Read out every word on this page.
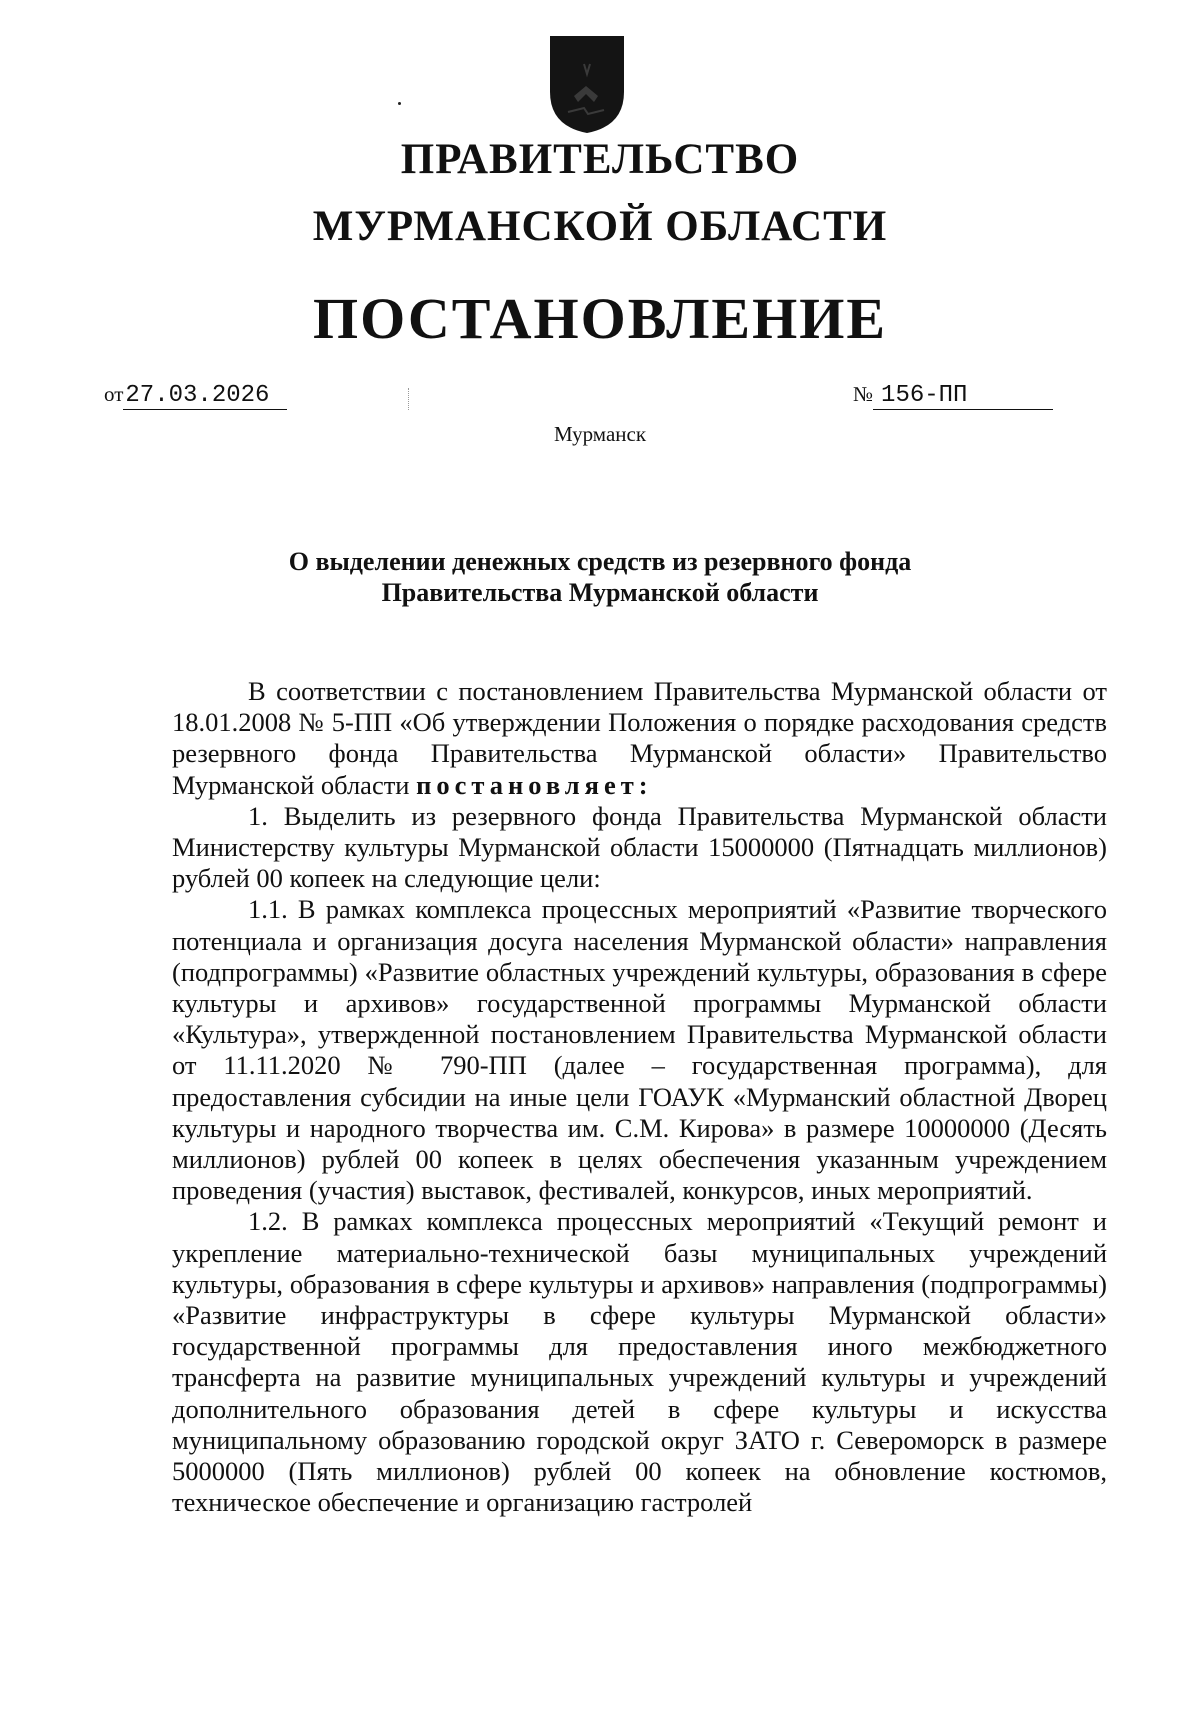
ПРАВИТЕЛЬСТВО
МУРМАНСКОЙ ОБЛАСТИ
ПОСТАНОВЛЕНИЕ
от27.03.2026	№ 156-ПП
Мурманск
О выделении денежных средств из резервного фонда
Правительства Мурманской области

В соответствии с постановлением Правительства Мурманской области от 18.01.2008 № 5-ПП «Об утверждении Положения о порядке расходования средств резервного фонда Правительства Мурманской области» Правительство Мурманской области постановляет:

1. Выделить из резервного фонда Правительства Мурманской области Министерству культуры Мурманской области 15000000 (Пятнадцать миллионов) рублей 00 копеек на следующие цели:

1.1. В рамках комплекса процессных мероприятий «Развитие творческого потенциала и организация досуга населения Мурманской области» направления (подпрограммы) «Развитие областных учреждений культуры, образования в сфере культуры и архивов» государственной программы Мурманской области «Культура», утвержденной постановлением Правительства Мурманской области от 11.11.2020 № 790-ПП (далее – государственная программа), для предоставления субсидии на иные цели ГОАУК «Мурманский областной Дворец культуры и народного творчества им. С.М. Кирова» в размере 10000000 (Десять миллионов) рублей 00 копеек в целях обеспечения указанным учреждением проведения (участия) выставок, фестивалей, конкурсов, иных мероприятий.

1.2. В рамках комплекса процессных мероприятий «Текущий ремонт и укрепление материально-технической базы муниципальных учреждений культуры, образования в сфере культуры и архивов» направления (подпрограммы) «Развитие инфраструктуры в сфере культуры Мурманской области» государственной программы для предоставления иного межбюджетного трансферта на развитие муниципальных учреждений культуры и учреждений дополнительного образования детей в сфере культуры и искусства муниципальному образованию городской округ ЗАТО г. Североморск в размере 5000000 (Пять миллионов) рублей 00 копеек на обновление костюмов, техническое обеспечение и организацию гастролей
